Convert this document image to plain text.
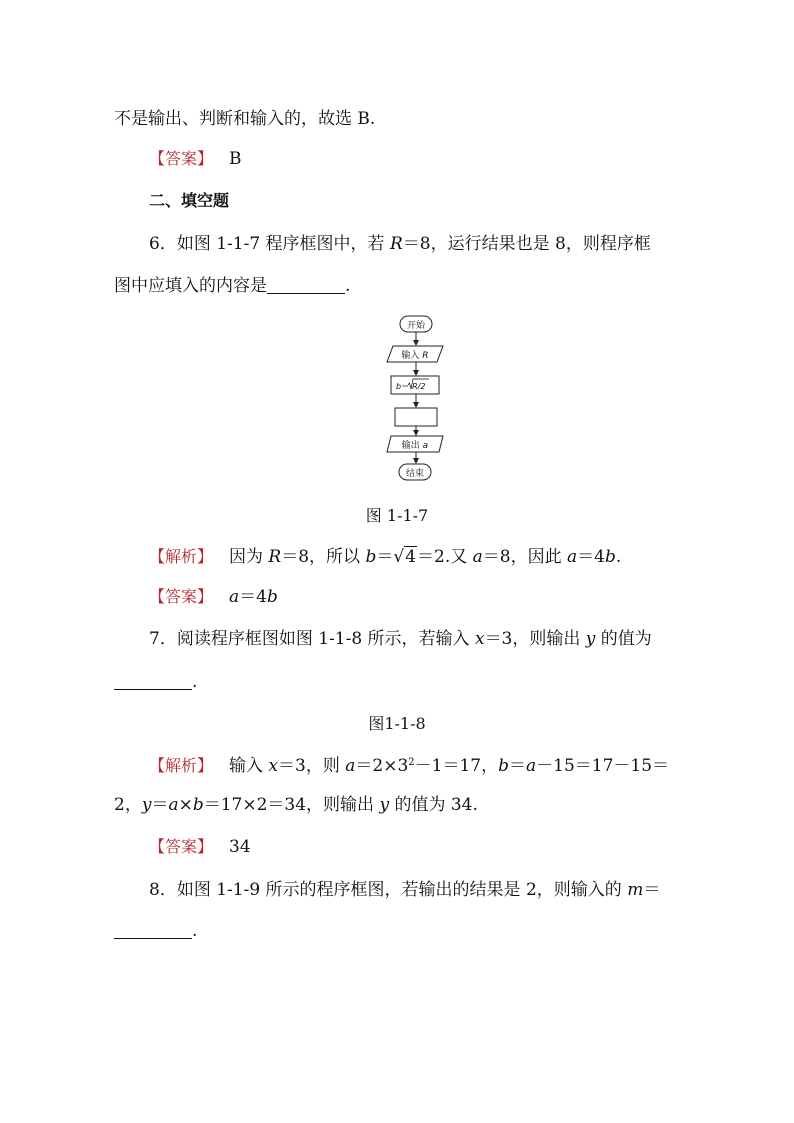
不是输出、判断和输入的，故选 B.
【答案】 B
二、填空题
6．如图 1-1-7 程序框图中，若 R＝8，运行结果也是 8，则程序框
图中应填入的内容是	.
开始
输入 R
b＝ R/2
输出 a
结束
图 1-1-7
【解析】 因为 R＝8，所以 b＝√4＝2.又 a＝8，因此 a＝4b.
【答案】 a＝4b
7．阅读程序框图如图 1-1-8 所示，若输入 x＝3，则输出 y 的值为
.
图1-1-8
【解析】 输入 x＝3，则 $a=2\times 3^2-1=17$，b＝a－15＝17－15＝
2，y＝a×b＝17×2＝34，则输出 y 的值为 34.
【答案】 34
8．如图 1-1-9 所示的程序框图，若输出的结果是 2，则输入的 m＝
.
